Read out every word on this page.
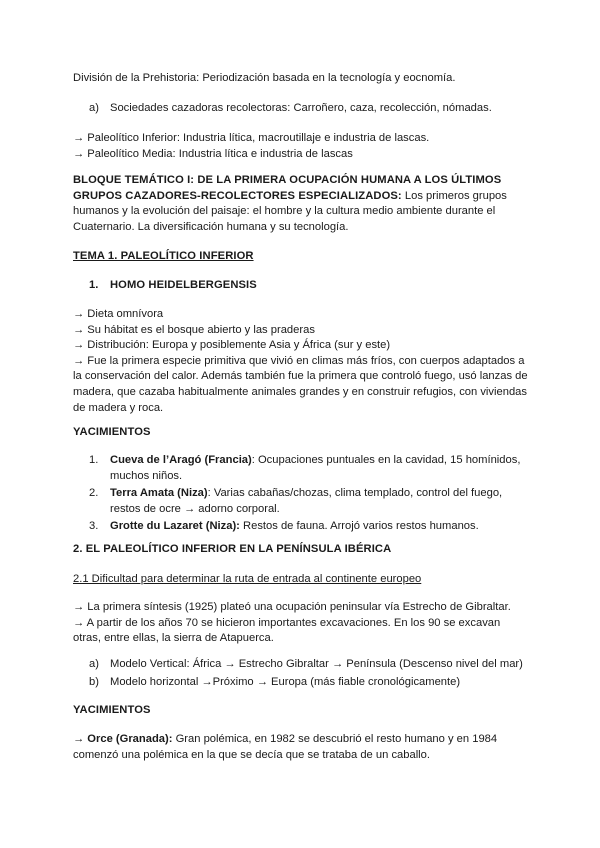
División de la Prehistoria: Periodización basada en la tecnología y eocnomía.

a) Sociedades cazadoras recolectoras: Carroñero, caza, recolección, nómadas.
→ Paleolítico Inferior: Industria lítica, macroutillaje e industria de lascas.
→ Paleolítico Media: Industria lítica e industria de lascas
BLOQUE TEMÁTICO I: DE LA PRIMERA OCUPACIÓN HUMANA A LOS ÚLTIMOS
GRUPOS CAZADORES-RECOLECTORES ESPECIALIZADOS: Los primeros grupos
humanos y la evolución del paisaje: el hombre y la cultura medio ambiente durante el
Cuaternario. La diversificación humana y su tecnología.
TEMA 1. PALEOLÍTICO INFERIOR
1. HOMO HEIDELBERGENSIS
→ Dieta omnívora
→ Su hábitat es el bosque abierto y las praderas
→ Distribución: Europa y posiblemente Asia y África (sur y este)
→ Fue la primera especie primitiva que vivió en climas más fríos, con cuerpos adaptados a
la conservación del calor. Además también fue la primera que controló fuego, usó lanzas de
madera, que cazaba habitualmente animales grandes y en construir refugios, con viviendas
de madera y roca.
YACIMIENTOS
1. Cueva de l’Aragó (Francia): Ocupaciones puntuales en la cavidad, 15 homínidos,
muchos niños.
2. Terra Amata (Niza): Varias cabañas/chozas, clima templado, control del fuego,
restos de ocre → adorno corporal.
3. Grotte du Lazaret (Niza): Restos de fauna. Arrojó varios restos humanos.
2. EL PALEOLÍTICO INFERIOR EN LA PENÍNSULA IBÉRICA
2.1 Dificultad para determinar la ruta de entrada al continente europeo
→ La primera síntesis (1925) plateó una ocupación peninsular vía Estrecho de Gibraltar.
→ A partir de los años 70 se hicieron importantes excavaciones. En los 90 se excavan
otras, entre ellas, la sierra de Atapuerca.
a) Modelo Vertical: África → Estrecho Gibraltar → Península (Descenso nivel del mar)
b) Modelo horizontal →Próximo → Europa (más fiable cronológicamente)
YACIMIENTOS
→ Orce (Granada): Gran polémica, en 1982 se descubrió el resto humano y en 1984
comenzó una polémica en la que se decía que se trataba de un caballo.
